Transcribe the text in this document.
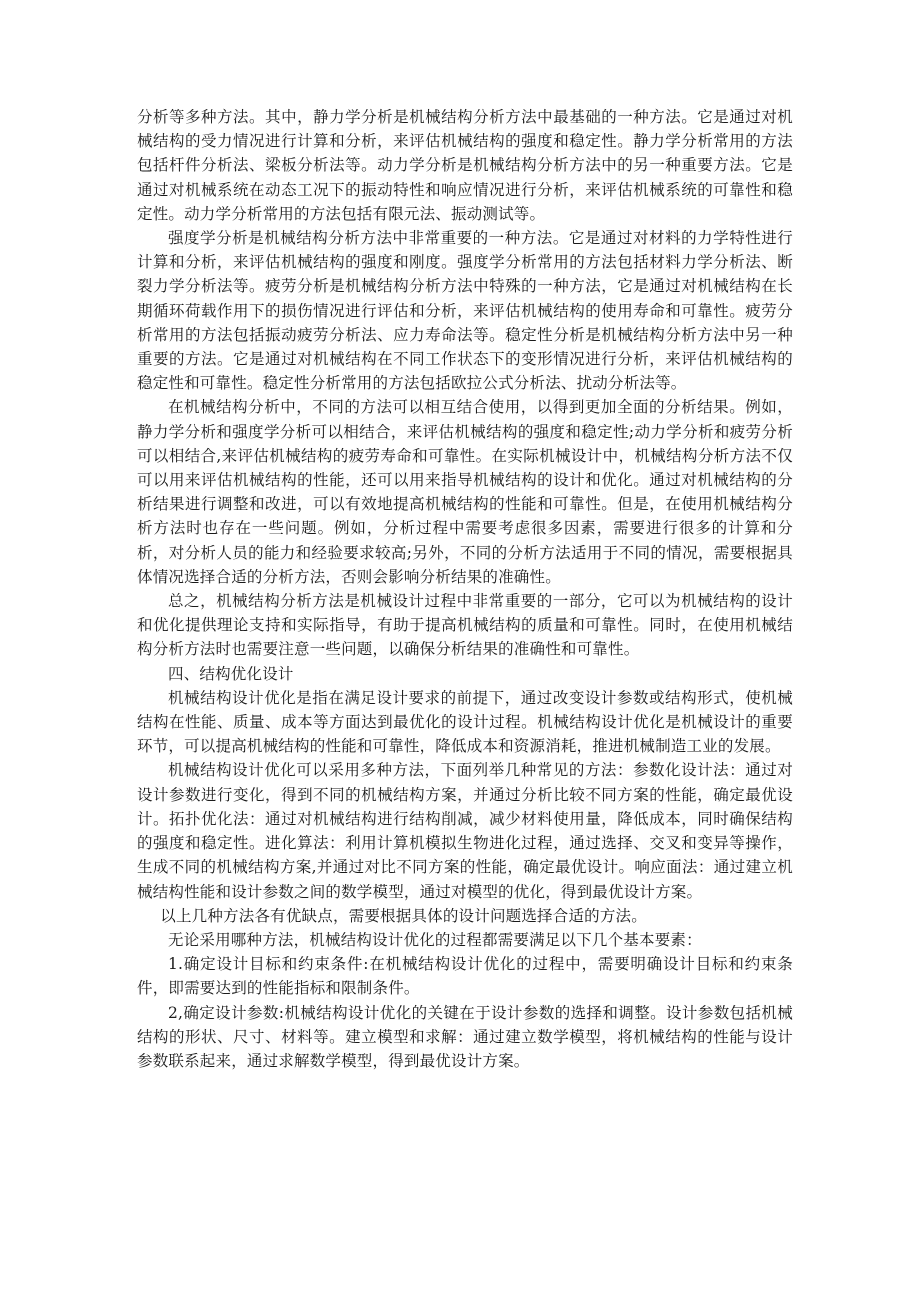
分析等多种方法。其中，静力学分析是机械结构分析方法中最基础的一种方法。它是通过对机械结构的受力情况进行计算和分析，来评估机械结构的强度和稳定性。静力学分析常用的方法包括杆件分析法、梁板分析法等。动力学分析是机械结构分析方法中的另一种重要方法。它是通过对机械系统在动态工况下的振动特性和响应情况进行分析，来评估机械系统的可靠性和稳定性。动力学分析常用的方法包括有限元法、振动测试等。

强度学分析是机械结构分析方法中非常重要的一种方法。它是通过对材料的力学特性进行计算和分析，来评估机械结构的强度和刚度。强度学分析常用的方法包括材料力学分析法、断裂力学分析法等。疲劳分析是机械结构分析方法中特殊的一种方法，它是通过对机械结构在长期循环荷载作用下的损伤情况进行评估和分析，来评估机械结构的使用寿命和可靠性。疲劳分析常用的方法包括振动疲劳分析法、应力寿命法等。稳定性分析是机械结构分析方法中另一种重要的方法。它是通过对机械结构在不同工作状态下的变形情况进行分析，来评估机械结构的稳定性和可靠性。稳定性分析常用的方法包括欧拉公式分析法、扰动分析法等。

在机械结构分析中，不同的方法可以相互结合使用，以得到更加全面的分析结果。例如，静力学分析和强度学分析可以相结合，来评估机械结构的强度和稳定性;动力学分析和疲劳分析可以相结合,来评估机械结构的疲劳寿命和可靠性。在实际机械设计中，机械结构分析方法不仅可以用来评估机械结构的性能，还可以用来指导机械结构的设计和优化。通过对机械结构的分析结果进行调整和改进，可以有效地提高机械结构的性能和可靠性。但是，在使用机械结构分析方法时也存在一些问题。例如，分析过程中需要考虑很多因素，需要进行很多的计算和分析，对分析人员的能力和经验要求较高;另外，不同的分析方法适用于不同的情况，需要根据具体情况选择合适的分析方法，否则会影响分析结果的准确性。

总之，机械结构分析方法是机械设计过程中非常重要的一部分，它可以为机械结构的设计和优化提供理论支持和实际指导，有助于提高机械结构的质量和可靠性。同时，在使用机械结构分析方法时也需要注意一些问题，以确保分析结果的准确性和可靠性。

四、结构优化设计

机械结构设计优化是指在满足设计要求的前提下，通过改变设计参数或结构形式，使机械结构在性能、质量、成本等方面达到最优化的设计过程。机械结构设计优化是机械设计的重要环节，可以提高机械结构的性能和可靠性，降低成本和资源消耗，推进机械制造工业的发展。

机械结构设计优化可以采用多种方法，下面列举几种常见的方法：参数化设计法：通过对设计参数进行变化，得到不同的机械结构方案，并通过分析比较不同方案的性能，确定最优设计。拓扑优化法：通过对机械结构进行结构削减，减少材料使用量，降低成本，同时确保结构的强度和稳定性。进化算法：利用计算机模拟生物进化过程，通过选择、交叉和变异等操作，生成不同的机械结构方案,并通过对比不同方案的性能，确定最优设计。响应面法：通过建立机械结构性能和设计参数之间的数学模型，通过对模型的优化，得到最优设计方案。

以上几种方法各有优缺点，需要根据具体的设计问题选择合适的方法。

无论采用哪种方法，机械结构设计优化的过程都需要满足以下几个基本要素：

1.确定设计目标和约束条件:在机械结构设计优化的过程中，需要明确设计目标和约束条件，即需要达到的性能指标和限制条件。

2,确定设计参数:机械结构设计优化的关键在于设计参数的选择和调整。设计参数包括机械结构的形状、尺寸、材料等。建立模型和求解：通过建立数学模型，将机械结构的性能与设计参数联系起来，通过求解数学模型，得到最优设计方案。
